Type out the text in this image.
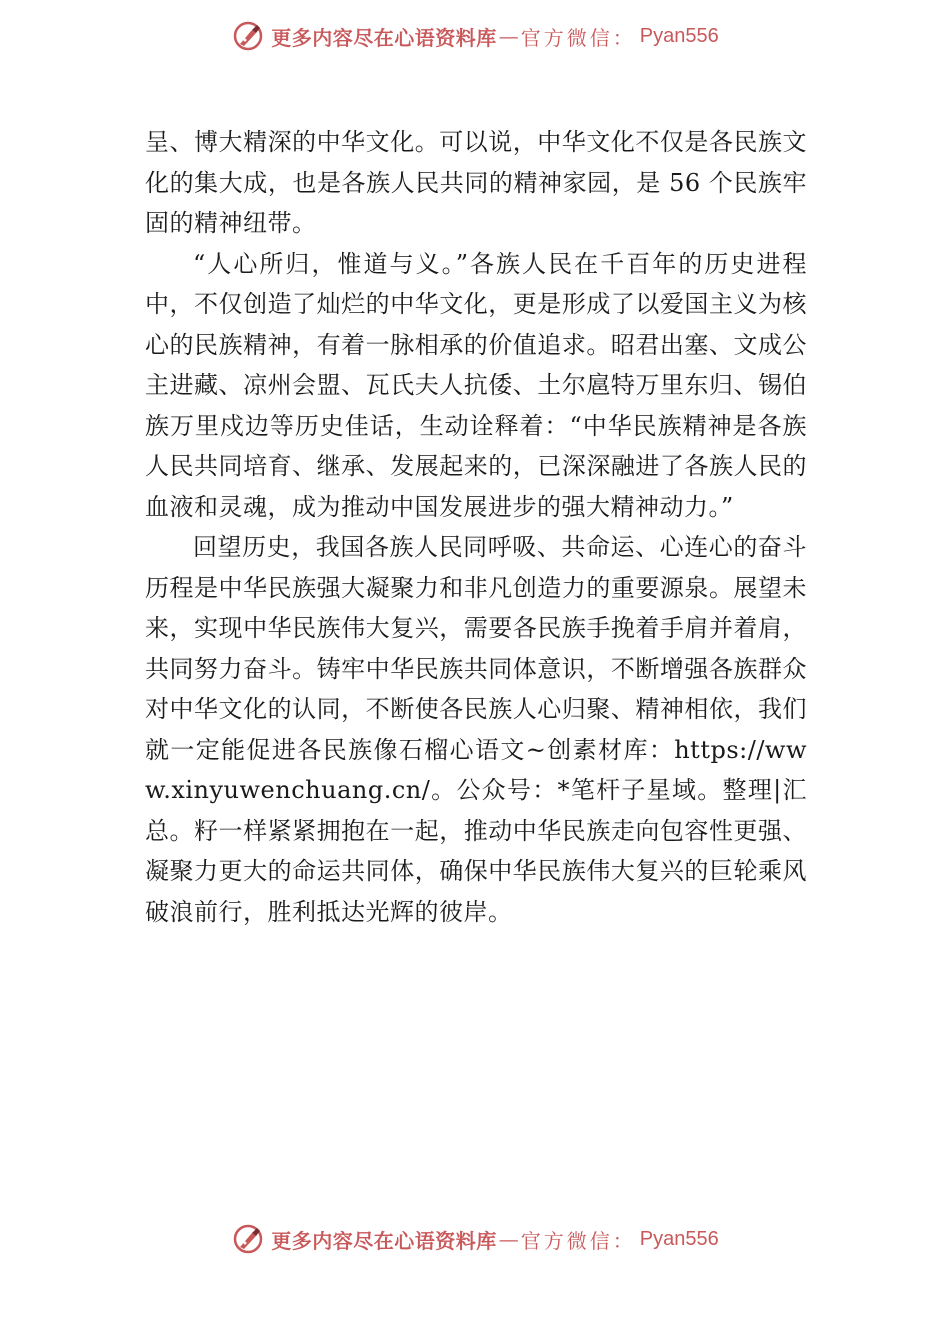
更多内容尽在心语资料库 — 官方微信： Pyan556

呈、博大精深的中华文化。可以说，中华文化不仅是各民族文化的集大成，也是各族人民共同的精神家园，是 56 个民族牢固的精神纽带。

“人心所归，惟道与义。”各族人民在千百年的历史进程中，不仅创造了灿烂的中华文化，更是形成了以爱国主义为核心的民族精神，有着一脉相承的价值追求。昭君出塞、文成公主进藏、凉州会盟、瓦氏夫人抗倭、土尔扈特万里东归、锡伯族万里戍边等历史佳话，生动诠释着：“中华民族精神是各族人民共同培育、继承、发展起来的，已深深融进了各族人民的血液和灵魂，成为推动中国发展进步的强大精神动力。”

回望历史，我国各族人民同呼吸、共命运、心连心的奋斗历程是中华民族强大凝聚力和非凡创造力的重要源泉。展望未来，实现中华民族伟大复兴，需要各民族手挽着手肩并着肩，共同努力奋斗。铸牢中华民族共同体意识，不断增强各族群众对中华文化的认同，不断使各民族人心归聚、精神相依，我们就一定能促进各民族像石榴心语文~创素材库：https://www.xinyuwenchuang.cn/。公众号：*笔杆子星域。整理|汇总。籽一样紧紧拥抱在一起，推动中华民族走向包容性更强、凝聚力更大的命运共同体，确保中华民族伟大复兴的巨轮乘风破浪前行，胜利抵达光辉的彼岸。

更多内容尽在心语资料库 — 官方微信： Pyan556
